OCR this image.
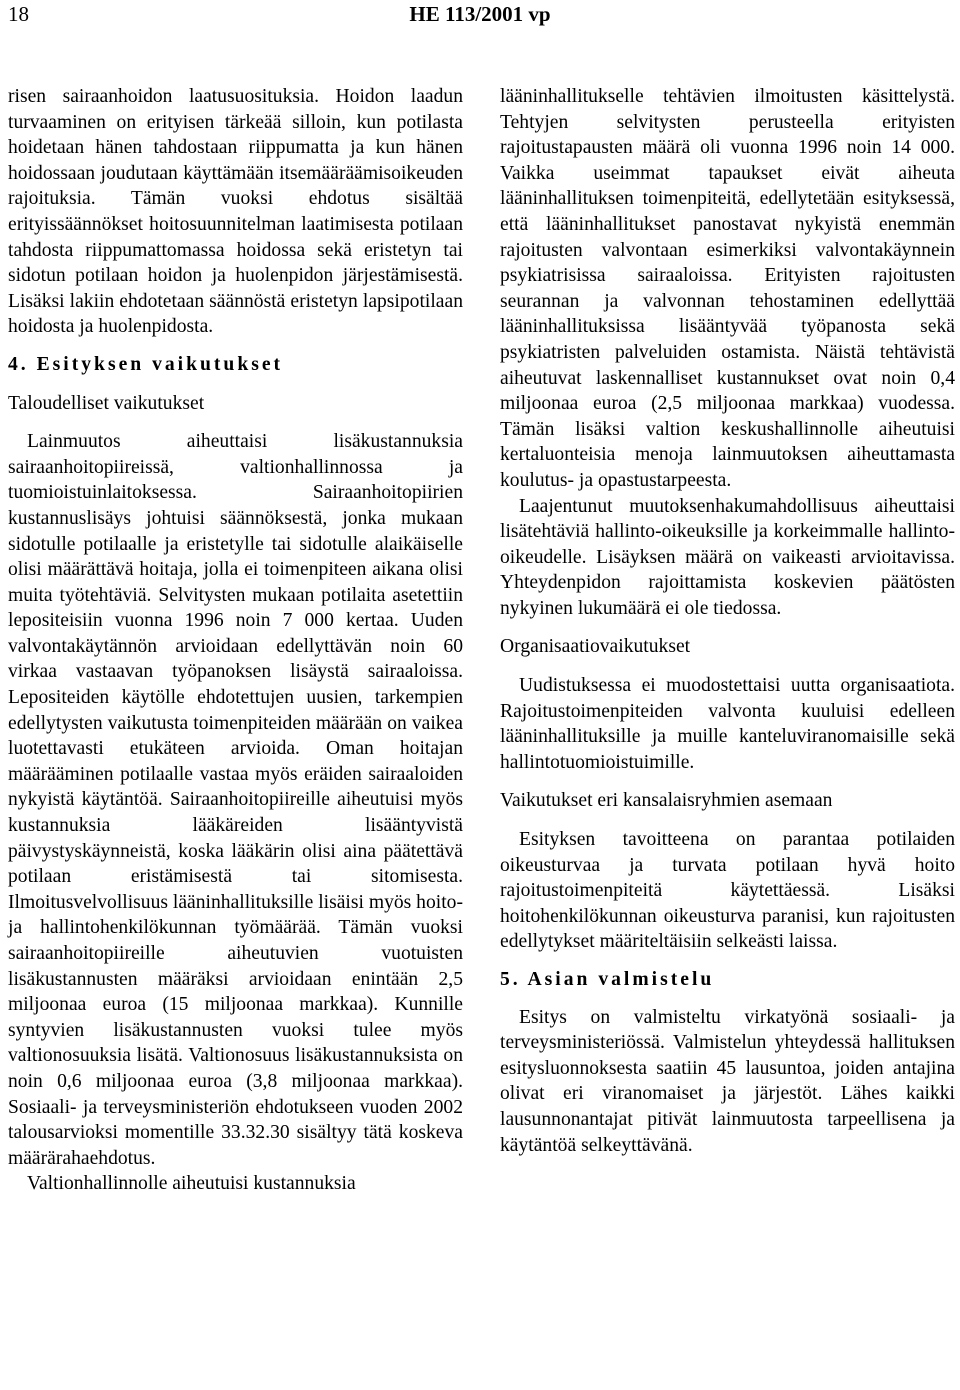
18	HE 113/2001 vp

risen sairaanhoidon laatusuosituksia. Hoidon laadun turvaaminen on erityisen tärkeää silloin, kun potilasta hoidetaan hänen tahdostaan riippumatta ja kun hänen hoidossaan joudutaan käyttämään itsemääräämisoikeuden rajoituksia. Tämän vuoksi ehdotus sisältää erityissäännökset hoitosuunnitelman laatimisesta potilaan tahdosta riippumattomassa hoidossa sekä eristetyn tai sidotun potilaan hoidon ja huolenpidon järjestämisestä. Lisäksi lakiin ehdotetaan säännöstä eristetyn lapsipotilaan hoidosta ja huolenpidosta.

4. Esityksen vaikutukset

Taloudelliset vaikutukset

Lainmuutos aiheuttaisi lisäkustannuksia sairaanhoitopiireissä, valtionhallinnossa ja tuomioistuinlaitoksessa. Sairaanhoitopiirien kustannuslisäys johtuisi säännöksestä, jonka mukaan sidotulle potilaalle ja eristetylle tai sidotulle alaikäiselle olisi määrättävä hoitaja, jolla ei toimenpiteen aikana olisi muita työtehtäviä. Selvitysten mukaan potilaita asetettiin lepositeisiin vuonna 1996 noin 7 000 kertaa. Uuden valvontakäytännön arvioidaan edellyttävän noin 60 virkaa vastaavan työpanoksen lisäystä sairaaloissa. Lepositeiden käytölle ehdotettujen uusien, tarkempien edellytysten vaikutusta toimenpiteiden määrään on vaikea luotettavasti etukäteen arvioida. Oman hoitajan määrääminen potilaalle vastaa myös eräiden sairaaloiden nykyistä käytäntöä. Sairaanhoitopiireille aiheutuisi myös kustannuksia lääkäreiden lisääntyvistä päivystyskäynneistä, koska lääkärin olisi aina päätettävä potilaan eristämisestä tai sitomisesta. Ilmoitusvelvollisuus lääninhallituksille lisäisi myös hoito- ja hallintohenkilökunnan työmäärää. Tämän vuoksi sairaanhoitopiireille aiheutuvien vuotuisten lisäkustannusten määräksi arvioidaan enintään 2,5 miljoonaa euroa (15 miljoonaa markkaa). Kunnille syntyvien lisäkustannusten vuoksi tulee myös valtionosuuksia lisätä. Valtionosuus lisäkustannuksista on noin 0,6 miljoonaa euroa (3,8 miljoonaa markkaa). Sosiaali- ja terveysministeriön ehdotukseen vuoden 2002 talousarvioksi momentille 33.32.30 sisältyy tätä koskeva määrärahaehdotus.

Valtionhallinnolle aiheutuisi kustannuksia

lääninhallitukselle tehtävien ilmoitusten käsittelystä. Tehtyjen selvitysten perusteella erityisten rajoitustapausten määrä oli vuonna 1996 noin 14 000. Vaikka useimmat tapaukset eivät aiheuta lääninhallituksen toimenpiteitä, edellytetään esityksessä, että lääninhallitukset panostavat nykyistä enemmän rajoitusten valvontaan esimerkiksi valvontakäynnein psykiatrisissa sairaaloissa. Erityisten rajoitusten seurannan ja valvonnan tehostaminen edellyttää lääninhallituksissa lisääntyvää työpanosta sekä psykiatristen palveluiden ostamista. Näistä tehtävistä aiheutuvat laskennalliset kustannukset ovat noin 0,4 miljoonaa euroa (2,5 miljoonaa markkaa) vuodessa. Tämän lisäksi valtion keskushallinnolle aiheutuisi kertaluonteisia menoja lainmuutoksen aiheuttamasta koulutus- ja opastustarpeesta.

Laajentunut muutoksenhakumahdollisuus aiheuttaisi lisätehtäviä hallinto-oikeuksille ja korkeimmalle hallinto-oikeudelle. Lisäyksen määrä on vaikeasti arvioitavissa. Yhteydenpidon rajoittamista koskevien päätösten nykyinen lukumäärä ei ole tiedossa.

Organisaatiovaikutukset

Uudistuksessa ei muodostettaisi uutta organisaatiota. Rajoitustoimenpiteiden valvonta kuuluisi edelleen lääninhallituksille ja muille kanteluviranomaisille sekä hallintotuomioistuimille.

Vaikutukset eri kansalaisryhmien asemaan

Esityksen tavoitteena on parantaa potilaiden oikeusturvaa ja turvata potilaan hyvä hoito rajoitustoimenpiteitä käytettäessä. Lisäksi hoitohenkilökunnan oikeusturva paranisi, kun rajoitusten edellytykset määriteltäisiin selkeästi laissa.

5. Asian valmistelu

Esitys on valmisteltu virkatyönä sosiaali- ja terveysministeriössä. Valmistelun yhteydessä hallituksen esitysluonnoksesta saatiin 45 lausuntoa, joiden antajina olivat eri viranomaiset ja järjestöt. Lähes kaikki lausunnonantajat pitivät lainmuutosta tarpeellisena ja käytäntöä selkeyttävänä.
